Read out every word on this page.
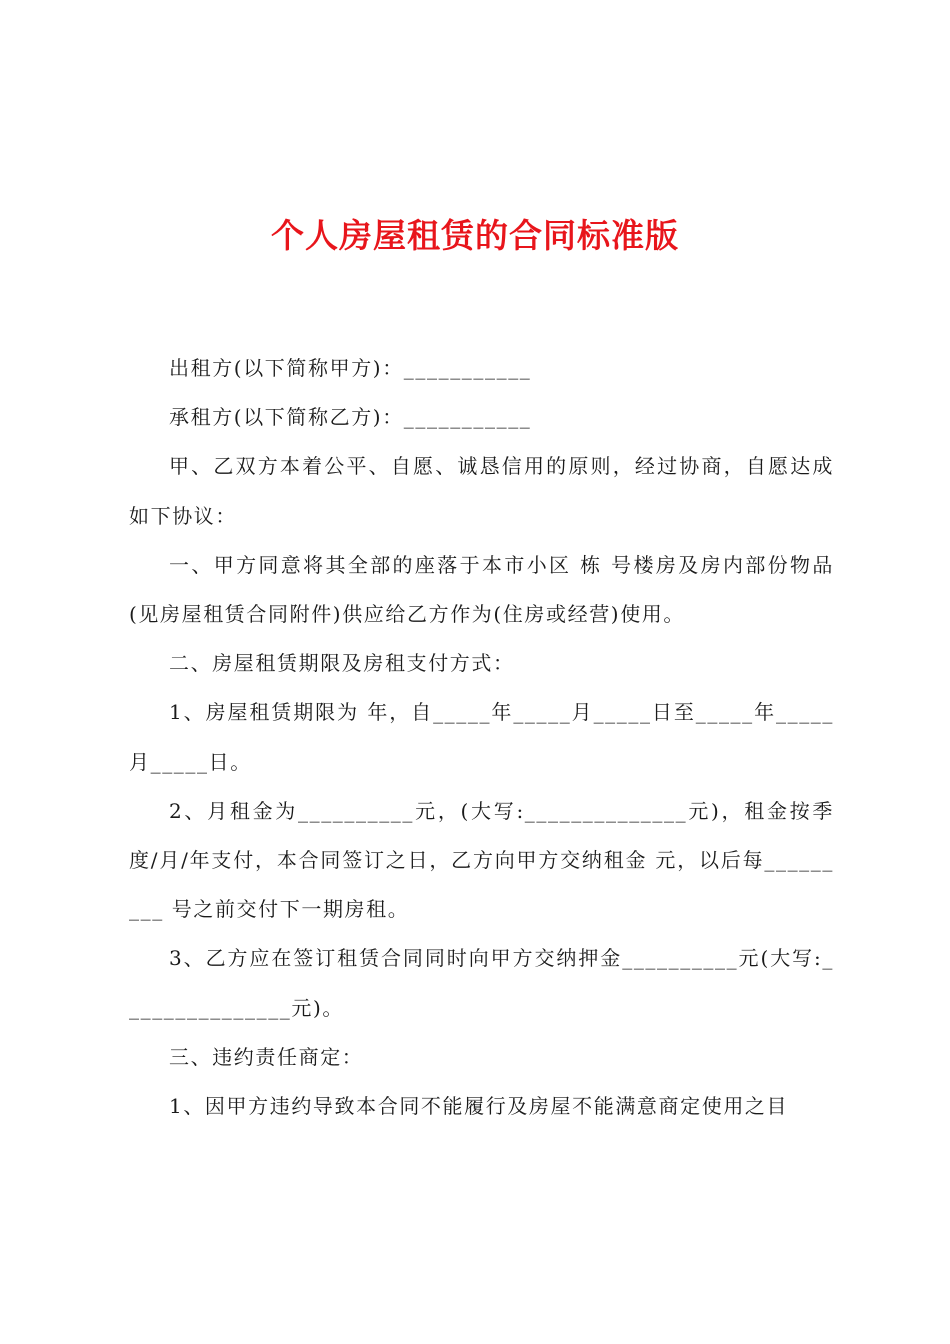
个人房屋租赁的合同标准版

出租方(以下简称甲方)：___________

承租方(以下简称乙方)：___________

甲、乙双方本着公平、自愿、诚恳信用的原则，经过协商，自愿达成如下协议：

一、甲方同意将其全部的座落于本市小区 栋 号楼房及房内部份物品(见房屋租赁合同附件)供应给乙方作为(住房或经营)使用。

二、房屋租赁期限及房租支付方式：

1、房屋租赁期限为 年，自_____年_____月_____日至_____年_____月_____日。

2、月租金为__________元，(大写:______________元)，租金按季度/月/年支付，本合同签订之日，乙方向甲方交纳租金 元，以后每_________ 号之前交付下一期房租。

3、乙方应在签订租赁合同同时向甲方交纳押金__________元(大写:_______________元)。

三、违约责任商定：

1、因甲方违约导致本合同不能履行及房屋不能满意商定使用之目
